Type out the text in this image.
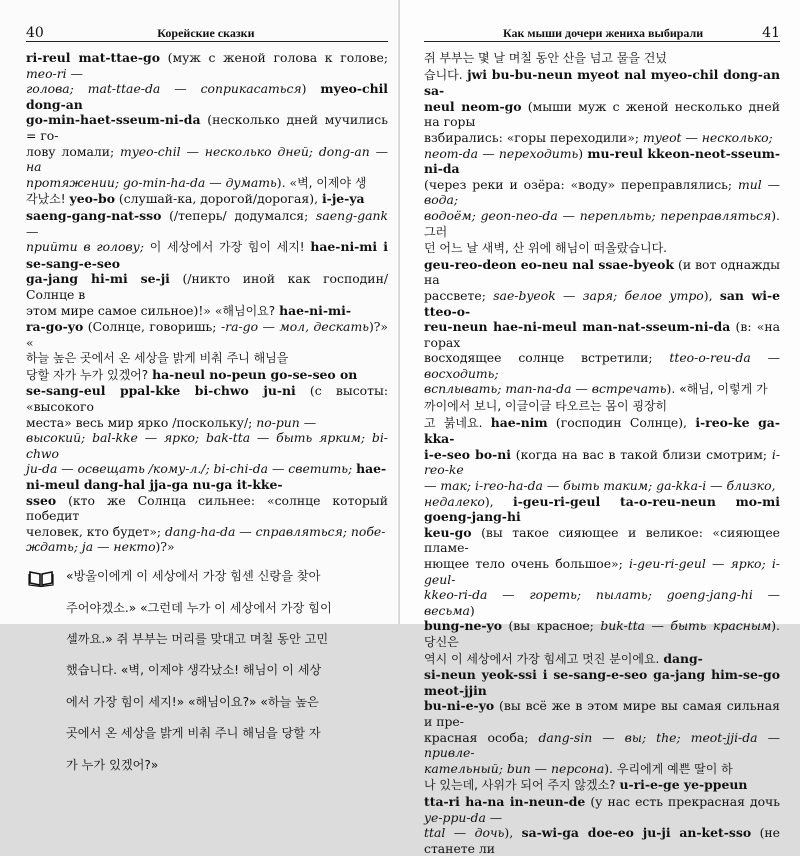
40	Корейские сказки

ri-reul mat-ttae-go (муж с женой голова к голове; meo-ri —

голова; mat-ttae-da — соприкасаться) myeo-chil dong-an

go-min-haet-sseum-ni-da (несколько дней мучились = го-

лову ломали; myeo-chil — несколько дней; dong-an — на

протяжении; go-min-ha-da — думать). «벽, 이제야 생

각났소! yeo-bo (слушай-ка, дорогой/дорогая), i-je-ya

saeng-gang-nat-sso (/теперь/ додумался; saeng-gank —

прийти в голову; 이 세상에서 가장 힘이 세지! hae-ni-mi i se-sang-e-seo

ga-jang hi-mi se-ji (/никто иной как господин/ Солнце в

этом мире самое сильное)!» «해님이요? hae-ni-mi-

ra-go-yo (Солнце, говоришь; -ra-go — мол, дескать)?» «

하늘 높은 곳에서 온 세상을 밝게 비춰 주니 해님을

당할 자가 누가 있겠어? ha-neul no-peun go-se-seo on

se-sang-eul ppal-kke bi-chwo ju-ni (с высоты: «высокого

места» весь мир ярко /поскольку/; no-pun —

высокий; bal-kke — ярко; bak-tta — быть ярким; bi-chwo

ju-da — освещать /кому-л./; bi-chi-da — светить; hae-

ni-meul dang-hal jja-ga nu-ga it-kke-

sseo (кто же Солнца сильнее: «солнце который победит

человек, кто будет»; dang-ha-da — справляться; побе-

ждать; ja — некто)?»

«방울이에게 이 세상에서 가장 힘센 신랑을 찾아

주어야겠소.» «그런데 누가 이 세상에서 가장 힘이

셀까요.» 쥐 부부는 머리를 맞대고 며칠 동안 고민

했습니다. «벽, 이제야 생각났소! 해님이 이 세상

에서 가장 힘이 세지!» «해님이요?» «하늘 높은

곳에서 온 세상을 밝게 비춰 주니 해님을 당할 자

가 누가 있겠어?»

Как мыши дочери жениха выбирали	41

쥐 부부는 몇 날 며칠 동안 산을 넘고 물을 건넜

습니다. jwi bu-bu-neun myeot nal myeo-chil dong-an sa-

neul neom-go (мыши муж с женой несколько дней на горы

взбирались: «горы переходили»; myeot — несколько;

neom-da — переходить) mu-reul kkeon-neot-sseum-ni-da

(через реки и озёра: «воду» переправлялись; mul — вода;

водоём; geon-neo-da — перепльть; переправляться). 그러

던 어느 날 새벽, 산 위에 해님이 떠올랐습니다.

geu-reo-deon eo-neu nal ssae-byeok (и вот однажды на

рассвете; sae-byeok — заря; белое утро), san wi-e tteo-o-

reu-neun hae-ni-meul man-nat-sseum-ni-da (в: «на горах

восходящее солнце встретили; tteo-o-reu-da — восходить;

всплывать; man-na-da — встречать). «해님, 이렇게 가

까이에서 보니, 이글이글 타오르는 몸이 굉장히

고 붉네요. hae-nim (господин Солнце), i-reo-ke ga-kka-

i-e-seo bo-ni (когда на вас в такой близи смотрим; i-reo-ke

— так; i-reo-ha-da — быть таким; ga-kka-i — близко,

недалеко), i-geu-ri-geul ta-o-reu-neun mo-mi goeng-jang-hi

keu-go (вы такое сияющее и великое: «сияющее пламе-

нющее тело очень большое»; i-geu-ri-geul — ярко; i-geul-

kkeo-ri-da — гореть; пылать; goeng-jang-hi — весьма)

bung-ne-yo (вы красное; buk-tta — быть красным). 당신은

역시 이 세상에서 가장 힘세고 멋진 분이에요. dang-

si-neun yeok-ssi i se-sang-e-seo ga-jang him-se-go meot-jjin

bu-ni-e-yo (вы всё же в этом мире вы самая сильная и пре-

красная особа; dang-sin — вы; the; meot-jji-da — привле-

кательный; bun — персона). 우리에게 예쁜 딸이 하

나 있는데, 사위가 되어 주지 않겠소? u-ri-e-ge ye-ppeun

tta-ri ha-na in-neun-de (у нас есть прекрасная дочь ye-ppu-da —

ttal — дочь), sa-wi-ga doe-eo ju-ji an-ket-sso (не станете ли
